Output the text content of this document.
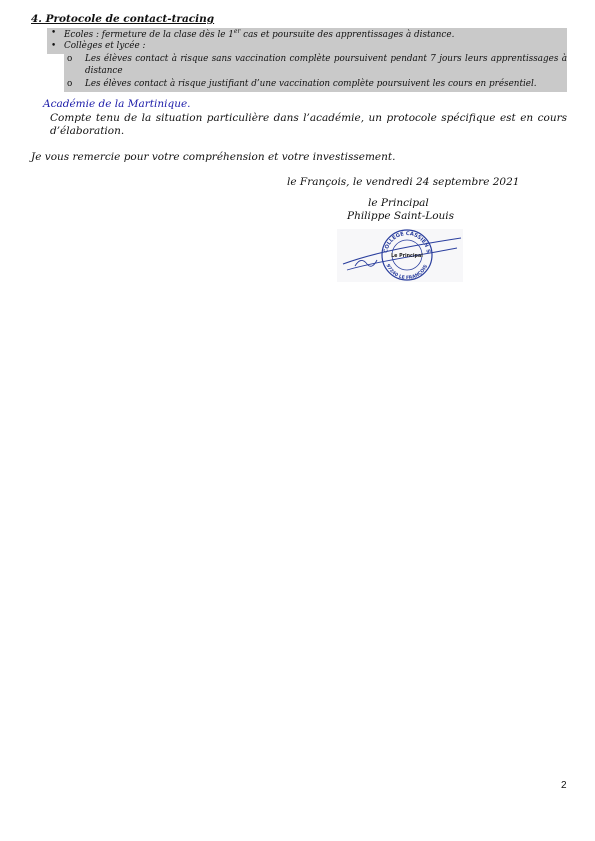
4. Protocole de contact-tracing
• Ecoles : fermeture de la clase dès le 1er cas et poursuite des apprentissages à distance.
• Collèges et lycée :
o Les élèves contact à risque sans vaccination complète poursuivent pendant 7 jours leurs apprentissages à
distance
o Les élèves contact à risque justifiant d’une vaccination complète poursuivent les cours en présentiel.
Académie de la Martinique.
Compte tenu de la situation particulière dans l’académie, un protocole spécifique est en cours
d’élaboration.
Je vous remercie pour votre compréhension et votre investissement.
le François, le vendredi 24 septembre 2021
le Principal
Philippe Saint-Louis
COLLÈGE CASSIEN S
97240 LE FRANÇOIS
Le Principal
2
